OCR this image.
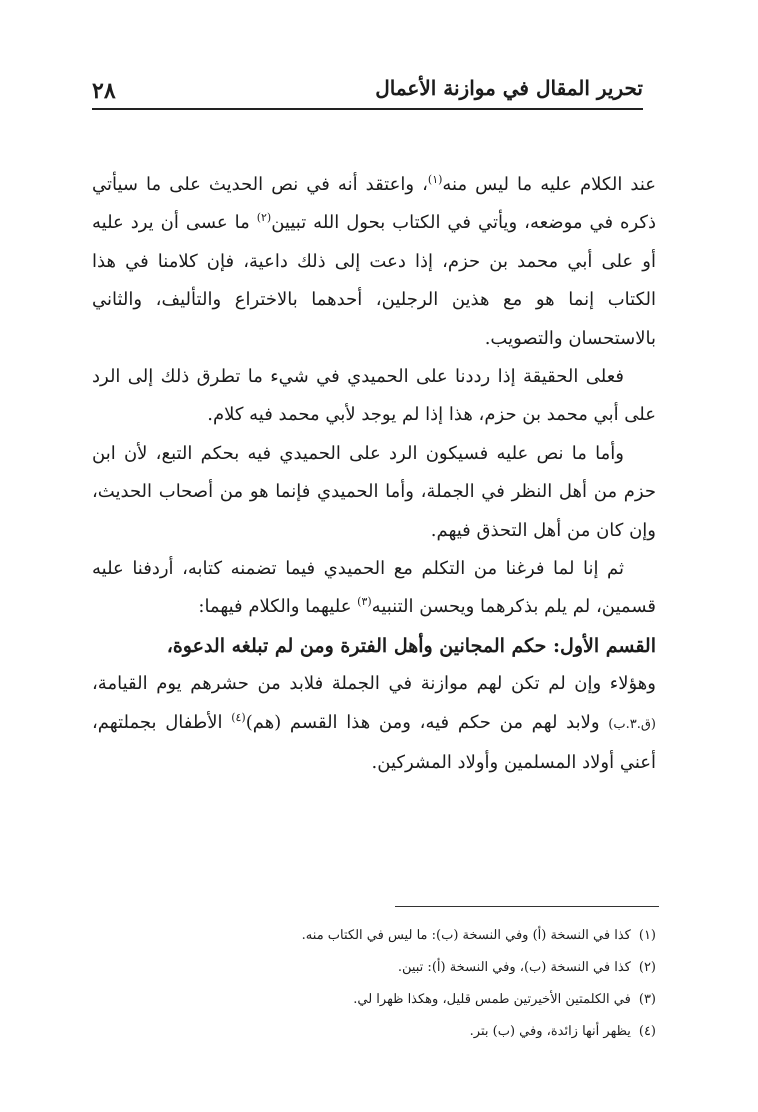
٢٨	تحرير المقال في موازنة الأعمال

عند الكلام عليه ما ليس منه$^{(١)}$، واعتقد أنه في نص الحديث على ما سيأتي ذكره في موضعه، ويأتي في الكتاب بحول الله تبيين$^{(٢)}$ ما عسى أن يرد عليه أو على أبي محمد بن حزم، إذا دعت إلى ذلك داعية، فإن كلامنا في هذا الكتاب إنما هو مع هذين الرجلين، أحدهما بالاختراع والتأليف، والثاني بالاستحسان والتصويب.

فعلى الحقيقة إذا رددنا على الحميدي في شيء ما تطرق ذلك إلى الرد على أبي محمد بن حزم، هذا إذا لم يوجد لأبي محمد فيه كلام.

وأما ما نص عليه فسيكون الرد على الحميدي فيه بحكم التبع، لأن ابن حزم من أهل النظر في الجملة، وأما الحميدي فإنما هو من أصحاب الحديث، وإن كان من أهل التحذق فيهم.

ثم إنا لما فرغنا من التكلم مع الحميدي فيما تضمنه كتابه، أردفنا عليه قسمين، لم يلم بذكرهما ويحسن التنبيه$^{(٣)}$ عليهما والكلام فيهما:

القسم الأول: حكم المجانين وأهل الفترة ومن لم تبلغه الدعوة،

وهؤلاء وإن لم تكن لهم موازنة في الجملة فلابد من حشرهم يوم القيامة، (ق.٣.ب) ولابد لهم من حكم فيه، ومن هذا القسم (هم)$^{(٤)}$ الأطفال بجملتهم، أعني أولاد المسلمين وأولاد المشركين.

(١)كذا في النسخة (أ) وفي النسخة (ب): ما ليس في الكتاب منه.
(٢)كذا في النسخة (ب)، وفي النسخة (أ): تبين.
(٣)في الكلمتين الأخيرتين طمس قليل، وهكذا ظهرا لي.
(٤)يظهر أنها زائدة، وفي (ب) بتر.
